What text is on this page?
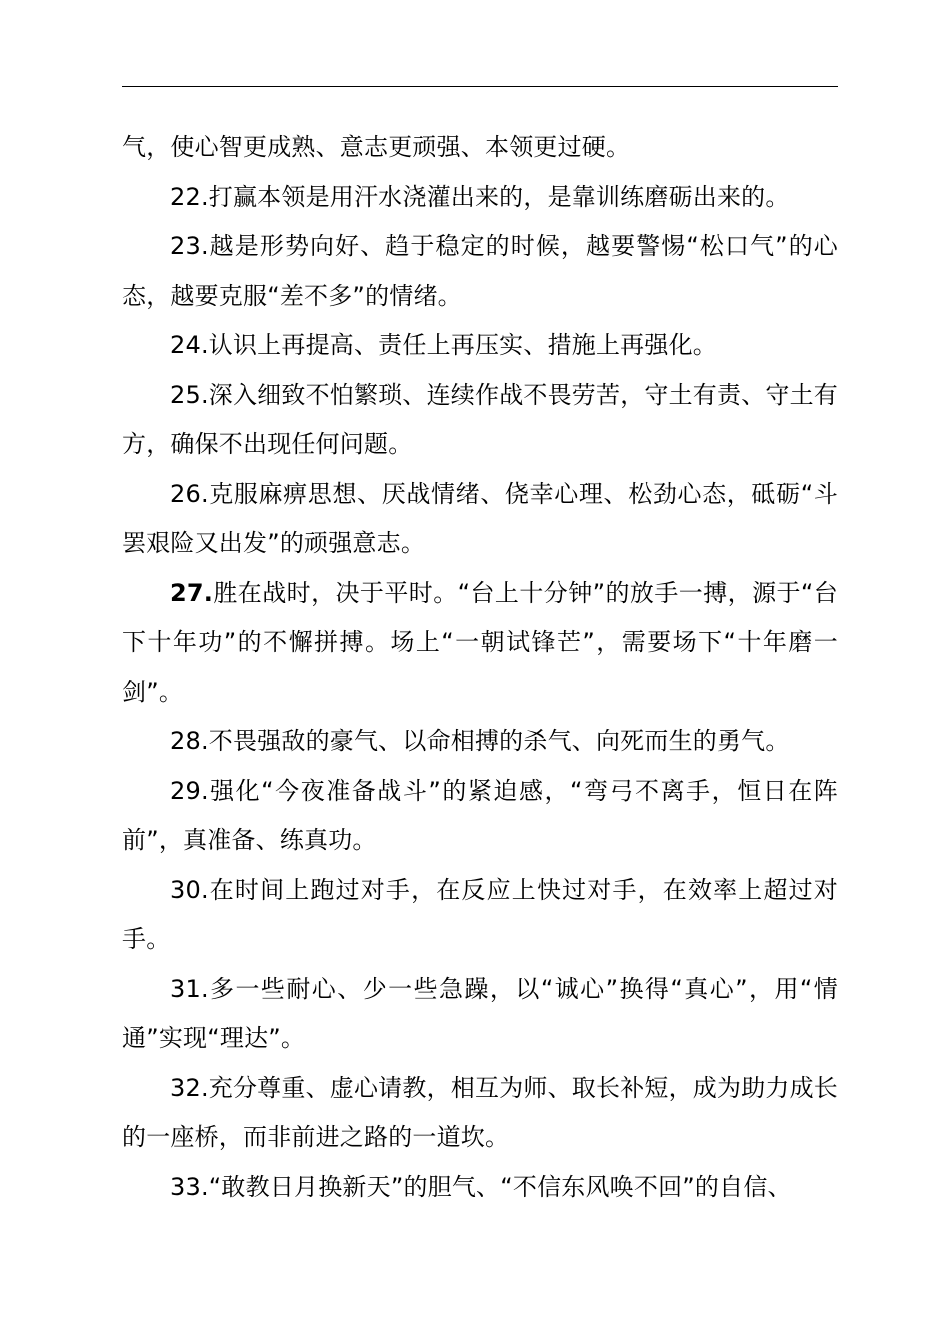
气，使心智更成熟、意志更顽强、本领更过硬。

22.打赢本领是用汗水浇灌出来的，是靠训练磨砺出来的。

23.越是形势向好、趋于稳定的时候，越要警惕“松口气”的心态，越要克服“差不多”的情绪。

24.认识上再提高、责任上再压实、措施上再强化。

25.深入细致不怕繁琐、连续作战不畏劳苦，守土有责、守土有方，确保不出现任何问题。

26.克服麻痹思想、厌战情绪、侥幸心理、松劲心态，砥砺“斗罢艰险又出发”的顽强意志。

27.胜在战时，决于平时。“台上十分钟”的放手一搏，源于“台下十年功”的不懈拼搏。场上“一朝试锋芒”，需要场下“十年磨一剑”。

28.不畏强敌的豪气、以命相搏的杀气、向死而生的勇气。

29.强化“今夜准备战斗”的紧迫感，“弯弓不离手，恒日在阵前”，真准备、练真功。

30.在时间上跑过对手，在反应上快过对手，在效率上超过对手。

31.多一些耐心、少一些急躁，以“诚心”换得“真心”，用“情通”实现“理达”。

32.充分尊重、虚心请教，相互为师、取长补短，成为助力成长的一座桥，而非前进之路的一道坎。

33.“敢教日月换新天”的胆气、“不信东风唤不回”的自信、
